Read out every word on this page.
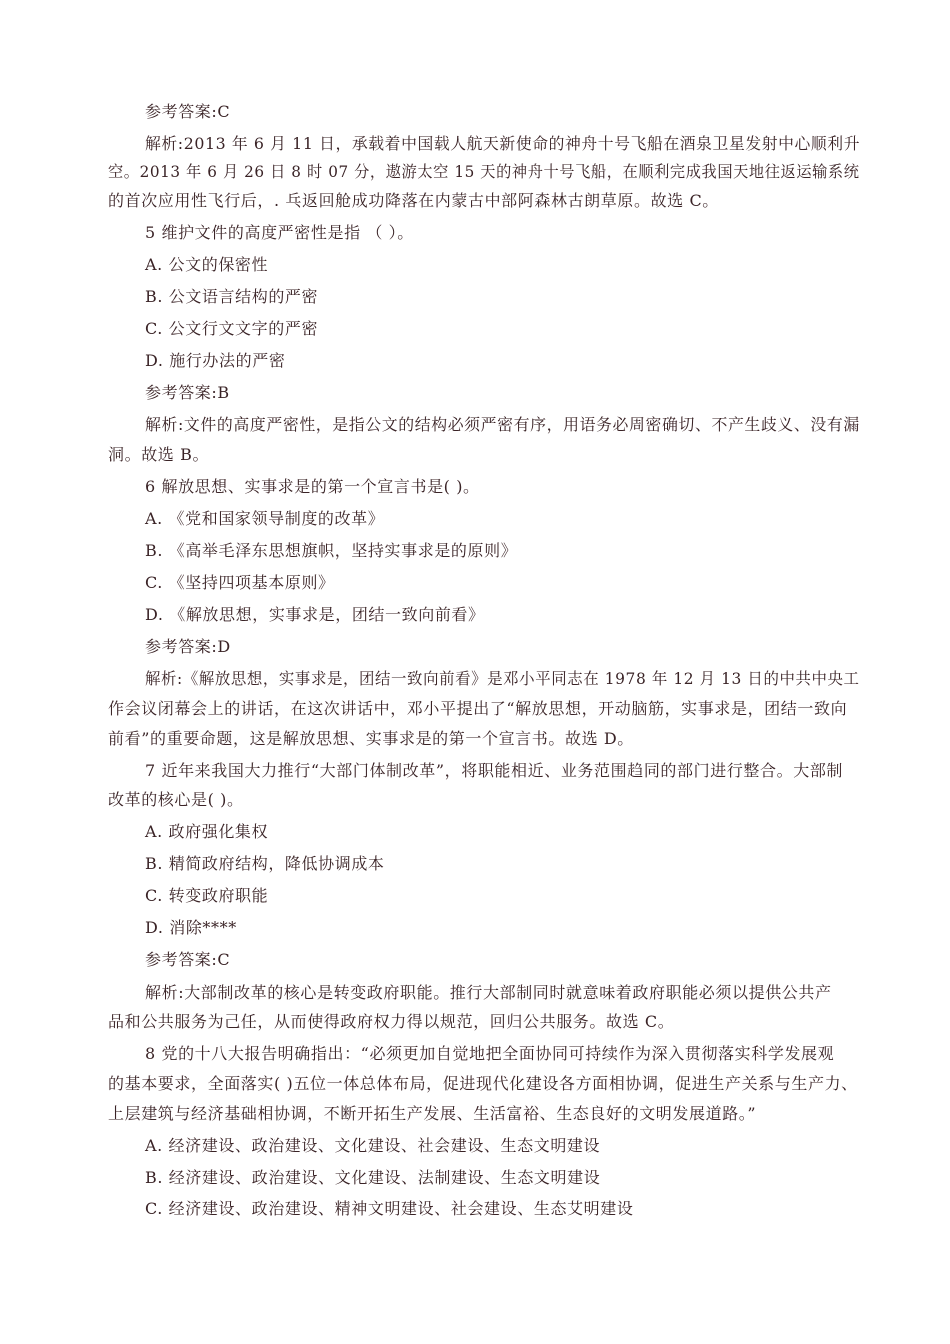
参考答案:C
解析:2013 年 6 月 11 日，承载着中国载人航天新使命的神舟十号飞船在酒泉卫星发射中心顺利升
空。2013 年 6 月 26 日 8 时 07 分，遨游太空 15 天的神舟十号飞船，在顺利完成我国天地往返运输系统
的首次应用性飞行后，. 乓返回舱成功降落在内蒙古中部阿森林古朗草原。故选 C。
5 维护文件的高度严密性是指 （ ）。
A. 公文的保密性
B. 公文语言结构的严密
C. 公文行文文字的严密
D. 施行办法的严密
参考答案:B
解析:文件的高度严密性，是指公文的结构必须严密有序，用语务必周密确切、不产生歧义、没有漏
洞。故选 B。
6 解放思想、实事求是的第一个宣言书是( )。
A. 《党和国家领导制度的改革》
B. 《高举毛泽东思想旗帜，坚持实事求是的原则》
C. 《坚持四项基本原则》
D. 《解放思想，实事求是，团结一致向前看》
参考答案:D
解析:《解放思想，实事求是，团结一致向前看》是邓小平同志在 1978 年 12 月 13 日的中共中央工
作会议闭幕会上的讲话，在这次讲话中，邓小平提出了“解放思想，开动脑筋，实事求是，团结一致向
前看”的重要命题，这是解放思想、实事求是的第一个宣言书。故选 D。
7 近年来我国大力推行“大部门体制改革”，将职能相近、业务范围趋同的部门进行整合。大部制
改革的核心是( )。
A. 政府强化集权
B. 精简政府结构，降低协调成本
C. 转变政府职能
D. 消除****
参考答案:C
解析:大部制改革的核心是转变政府职能。推行大部制同时就意味着政府职能必须以提供公共产
品和公共服务为己任，从而使得政府权力得以规范，回归公共服务。故选 C。
8 党的十八大报告明确指出：“必须更加自觉地把全面协同可持续作为深入贯彻落实科学发展观
的基本要求，全面落实( )五位一体总体布局，促进现代化建设各方面相协调，促进生产关系与生产力、
上层建筑与经济基础相协调，不断开拓生产发展、生活富裕、生态良好的文明发展道路。”
A. 经济建设、政治建设、文化建设、社会建设、生态文明建设
B. 经济建设、政治建设、文化建设、法制建设、生态文明建设
C. 经济建设、政治建设、精神文明建设、社会建设、生态艾明建设
